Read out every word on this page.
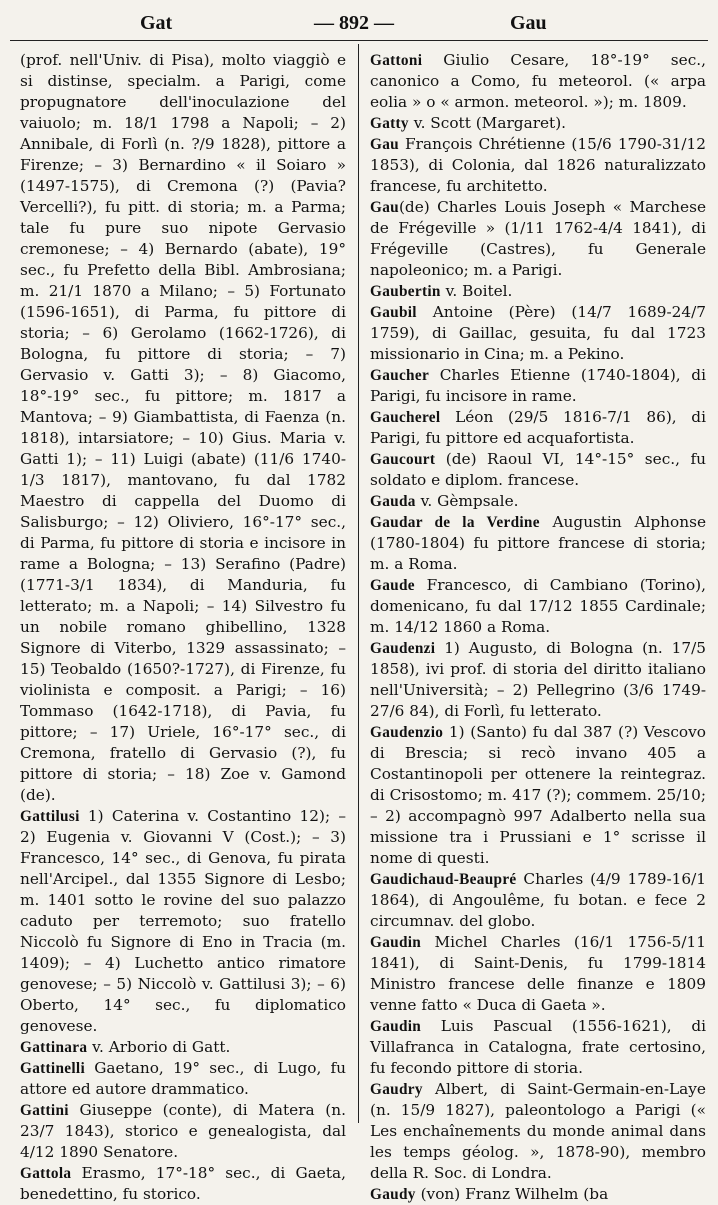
Gat	— 892 —	Gau

(prof. nell'Univ. di Pisa), molto viaggiò e si distinse, specialm. a Parigi, come propugnatore dell'inoculazione del vaiuolo; m. 18/1 1798 a Napoli; – 2) Annibale, di Forlì (n. ?/9 1828), pittore a Firenze; – 3) Bernardino « il Soiaro » (1497-1575), di Cremona (?) (Pavia? Vercelli?), fu pitt. di storia; m. a Parma; tale fu pure suo nipote Gervasio cremonese; – 4) Bernardo (abate), 19° sec., fu Prefetto della Bibl. Ambrosiana; m. 21/1 1870 a Milano; – 5) Fortunato (1596-1651), di Parma, fu pittore di storia; – 6) Gerolamo (1662-1726), di Bologna, fu pittore di storia; – 7) Gervasio v. Gatti 3); – 8) Giacomo, 18°-19° sec., fu pittore; m. 1817 a Mantova; – 9) Giambattista, di Faenza (n. 1818), intarsiatore; – 10) Gius. Maria v. Gatti 1); – 11) Luigi (abate) (11/6 1740-1/3 1817), mantovano, fu dal 1782 Maestro di cappella del Duomo di Salisburgo; – 12) Oliviero, 16°-17° sec., di Parma, fu pittore di storia e incisore in rame a Bologna; – 13) Serafino (Padre) (1771-3/1 1834), di Manduria, fu letterato; m. a Napoli; – 14) Silvestro fu un nobile romano ghibellino, 1328 Signore di Viterbo, 1329 assassinato; – 15) Teobaldo (1650?-1727), di Firenze, fu violinista e composit. a Parigi; – 16) Tommaso (1642-1718), di Pavia, fu pittore; – 17) Uriele, 16°-17° sec., di Cremona, fratello di Gervasio (?), fu pittore di storia; – 18) Zoe v. Gamond (de).

Gattilusi 1) Caterina v. Costantino 12); – 2) Eugenia v. Giovanni V (Cost.); – 3) Francesco, 14° sec., di Genova, fu pirata nell'Arcipel., dal 1355 Signore di Lesbo; m. 1401 sotto le rovine del suo palazzo caduto per terremoto; suo fratello Niccolò fu Signore di Eno in Tracia (m. 1409); – 4) Luchetto antico rimatore genovese; – 5) Niccolò v. Gattilusi 3); – 6) Oberto, 14° sec., fu diplomatico genovese.

Gattinara v. Arborio di Gatt.

Gattinelli Gaetano, 19° sec., di Lugo, fu attore ed autore drammatico.

Gattini Giuseppe (conte), di Matera (n. 23/7 1843), storico e genealogista, dal 4/12 1890 Senatore.

Gattola Erasmo, 17°-18° sec., di Gaeta, benedettino, fu storico.

Gattoni Giulio Cesare, 18°-19° sec., canonico a Como, fu meteorol. (« arpa eolia » o « armon. meteorol. »); m. 1809.

Gatty v. Scott (Margaret).

Gau François Chrétienne (15/6 1790-31/12 1853), di Colonia, dal 1826 naturalizzato francese, fu architetto.

Gau(de) Charles Louis Joseph « Marchese de Frégeville » (1/11 1762-4/4 1841), di Frégeville (Castres), fu Generale napoleonico; m. a Parigi.

Gaubertin v. Boitel.

Gaubil Antoine (Père) (14/7 1689-24/7 1759), di Gaillac, gesuita, fu dal 1723 missionario in Cina; m. a Pekino.

Gaucher Charles Etienne (1740-1804), di Parigi, fu incisore in rame.

Gaucherel Léon (29/5 1816-7/1 86), di Parigi, fu pittore ed acquafortista.

Gaucourt (de) Raoul VI, 14°-15° sec., fu soldato e diplom. francese.

Gauda v. Gèmpsale.

Gaudar de la Verdine Augustin Alphonse (1780-1804) fu pittore francese di storia; m. a Roma.

Gaude Francesco, di Cambiano (Torino), domenicano, fu dal 17/12 1855 Cardinale; m. 14/12 1860 a Roma.

Gaudenzi 1) Augusto, di Bologna (n. 17/5 1858), ivi prof. di storia del diritto italiano nell'Università; – 2) Pellegrino (3/6 1749-27/6 84), di Forlì, fu letterato.

Gaudenzio 1) (Santo) fu dal 387 (?) Vescovo di Brescia; si recò invano 405 a Costantinopoli per ottenere la reintegraz. di Crisostomo; m. 417 (?); commem. 25/10; – 2) accompagnò 997 Adalberto nella sua missione tra i Prussiani e 1° scrisse il nome di questi.

Gaudichaud-Beaupré Charles (4/9 1789-16/1 1864), di Angoulême, fu botan. e fece 2 circumnav. del globo.

Gaudin Michel Charles (16/1 1756-5/11 1841), di Saint-Denis, fu 1799-1814 Ministro francese delle finanze e 1809 venne fatto « Duca di Gaeta ».

Gaudin Luis Pascual (1556-1621), di Villafranca in Catalogna, frate certosino, fu fecondo pittore di storia.

Gaudry Albert, di Saint-Germain-en-Laye (n. 15/9 1827), paleontologo a Parigi (« Les enchaînements du monde animal dans les temps géolog. », 1878-90), membro della R. Soc. di Londra.

Gaudy (von) Franz Wilhelm (ba
